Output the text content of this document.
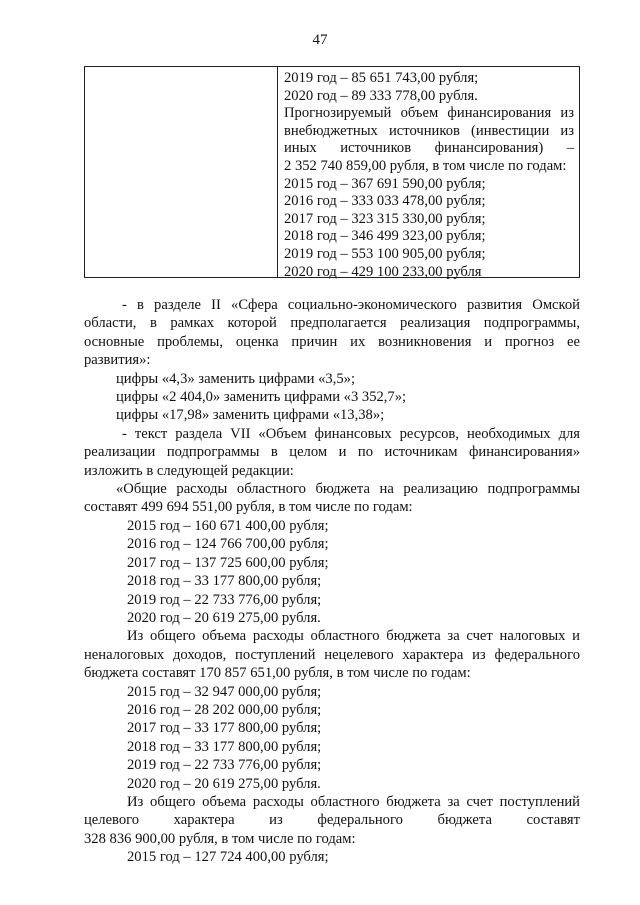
47
2019 год – 85 651 743,00 рубля;
2020 год – 89 333 778,00 рубля.
Прогнозируемый объем финансирования из
внебюджетных источников (инвестиции из
иных источников финансирования) –
2 352 740 859,00 рубля, в том числе по годам:
2015 год – 367 691 590,00 рубля;
2016 год – 333 033 478,00 рубля;
2017 год – 323 315 330,00 рубля;
2018 год – 346 499 323,00 рубля;
2019 год – 553 100 905,00 рубля;
2020 год – 429 100 233,00 рубля
- в разделе II «Сфера социально-экономического развития Омской
области, в рамках которой предполагается реализация подпрограммы,
основные проблемы, оценка причин их возникновения и прогноз ее
развития»:
цифры «4,3» заменить цифрами «3,5»;
цифры «2 404,0» заменить цифрами «3 352,7»;
цифры «17,98» заменить цифрами «13,38»;
- текст раздела VII «Объем финансовых ресурсов, необходимых для
реализации подпрограммы в целом и по источникам финансирования»
изложить в следующей редакции:
«Общие расходы областного бюджета на реализацию подпрограммы
составят 499 694 551,00 рубля, в том числе по годам:
2015 год – 160 671 400,00 рубля;
2016 год – 124 766 700,00 рубля;
2017 год – 137 725 600,00 рубля;
2018 год – 33 177 800,00 рубля;
2019 год – 22 733 776,00 рубля;
2020 год – 20 619 275,00 рубля.
Из общего объема расходы областного бюджета за счет налоговых и
неналоговых доходов, поступлений нецелевого характера из федерального
бюджета составят 170 857 651,00 рубля, в том числе по годам:
2015 год – 32 947 000,00 рубля;
2016 год – 28 202 000,00 рубля;
2017 год – 33 177 800,00 рубля;
2018 год – 33 177 800,00 рубля;
2019 год – 22 733 776,00 рубля;
2020 год – 20 619 275,00 рубля.
Из общего объема расходы областного бюджета за счет поступлений
целевого характера из федерального бюджета составят
328 836 900,00 рубля, в том числе по годам:
2015 год – 127 724 400,00 рубля;
